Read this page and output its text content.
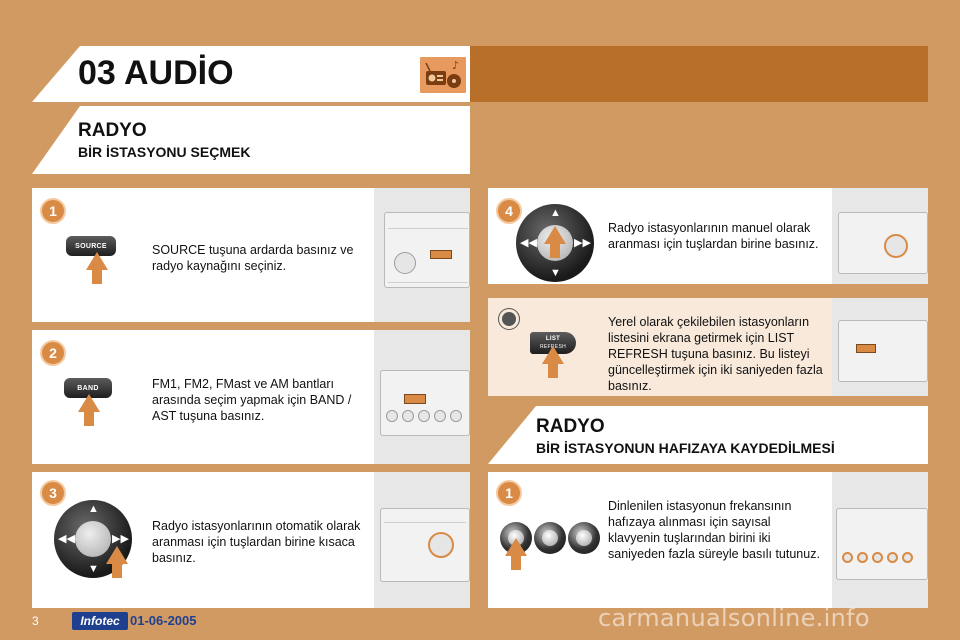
03 AUDİO	♪
RADYO
BİR İSTASYONU SEÇMEK
1
SOURCE	SOURCE tuşuna ardarda basınız ve radyo kaynağını seçiniz.
2
BAND	FM1, FM2, FMast ve AM bantları arasında seçim yapmak için BAND / AST tuşuna basınız.
3
▲
▼
◀◀	▶▶
Radyo istasyonlarının otomatik olarak aranması için tuşlardan birine kısaca basınız.
4	▲
▼
◀◀	▶▶
Radyo istasyonlarının manuel olarak aranması için tuşlardan birine basınız.
LIST
REFRESH
Yerel olarak çekilebilen istasyonların listesini ekrana getirmek için LIST REFRESH tuşuna basınız. Bu listeyi güncelleştirmek için iki saniyeden fazla basınız.
RADYO
BİR İSTASYONUN HAFIZAYA KAYDEDİLMESİ
1
Dinlenilen istasyonun frekansının hafızaya alınması için sayısal klavyenin tuşlarından birini iki saniyeden fazla süreyle basılı tutunuz.
3	Infotec 01-06-2005	carmanualsonline.info
